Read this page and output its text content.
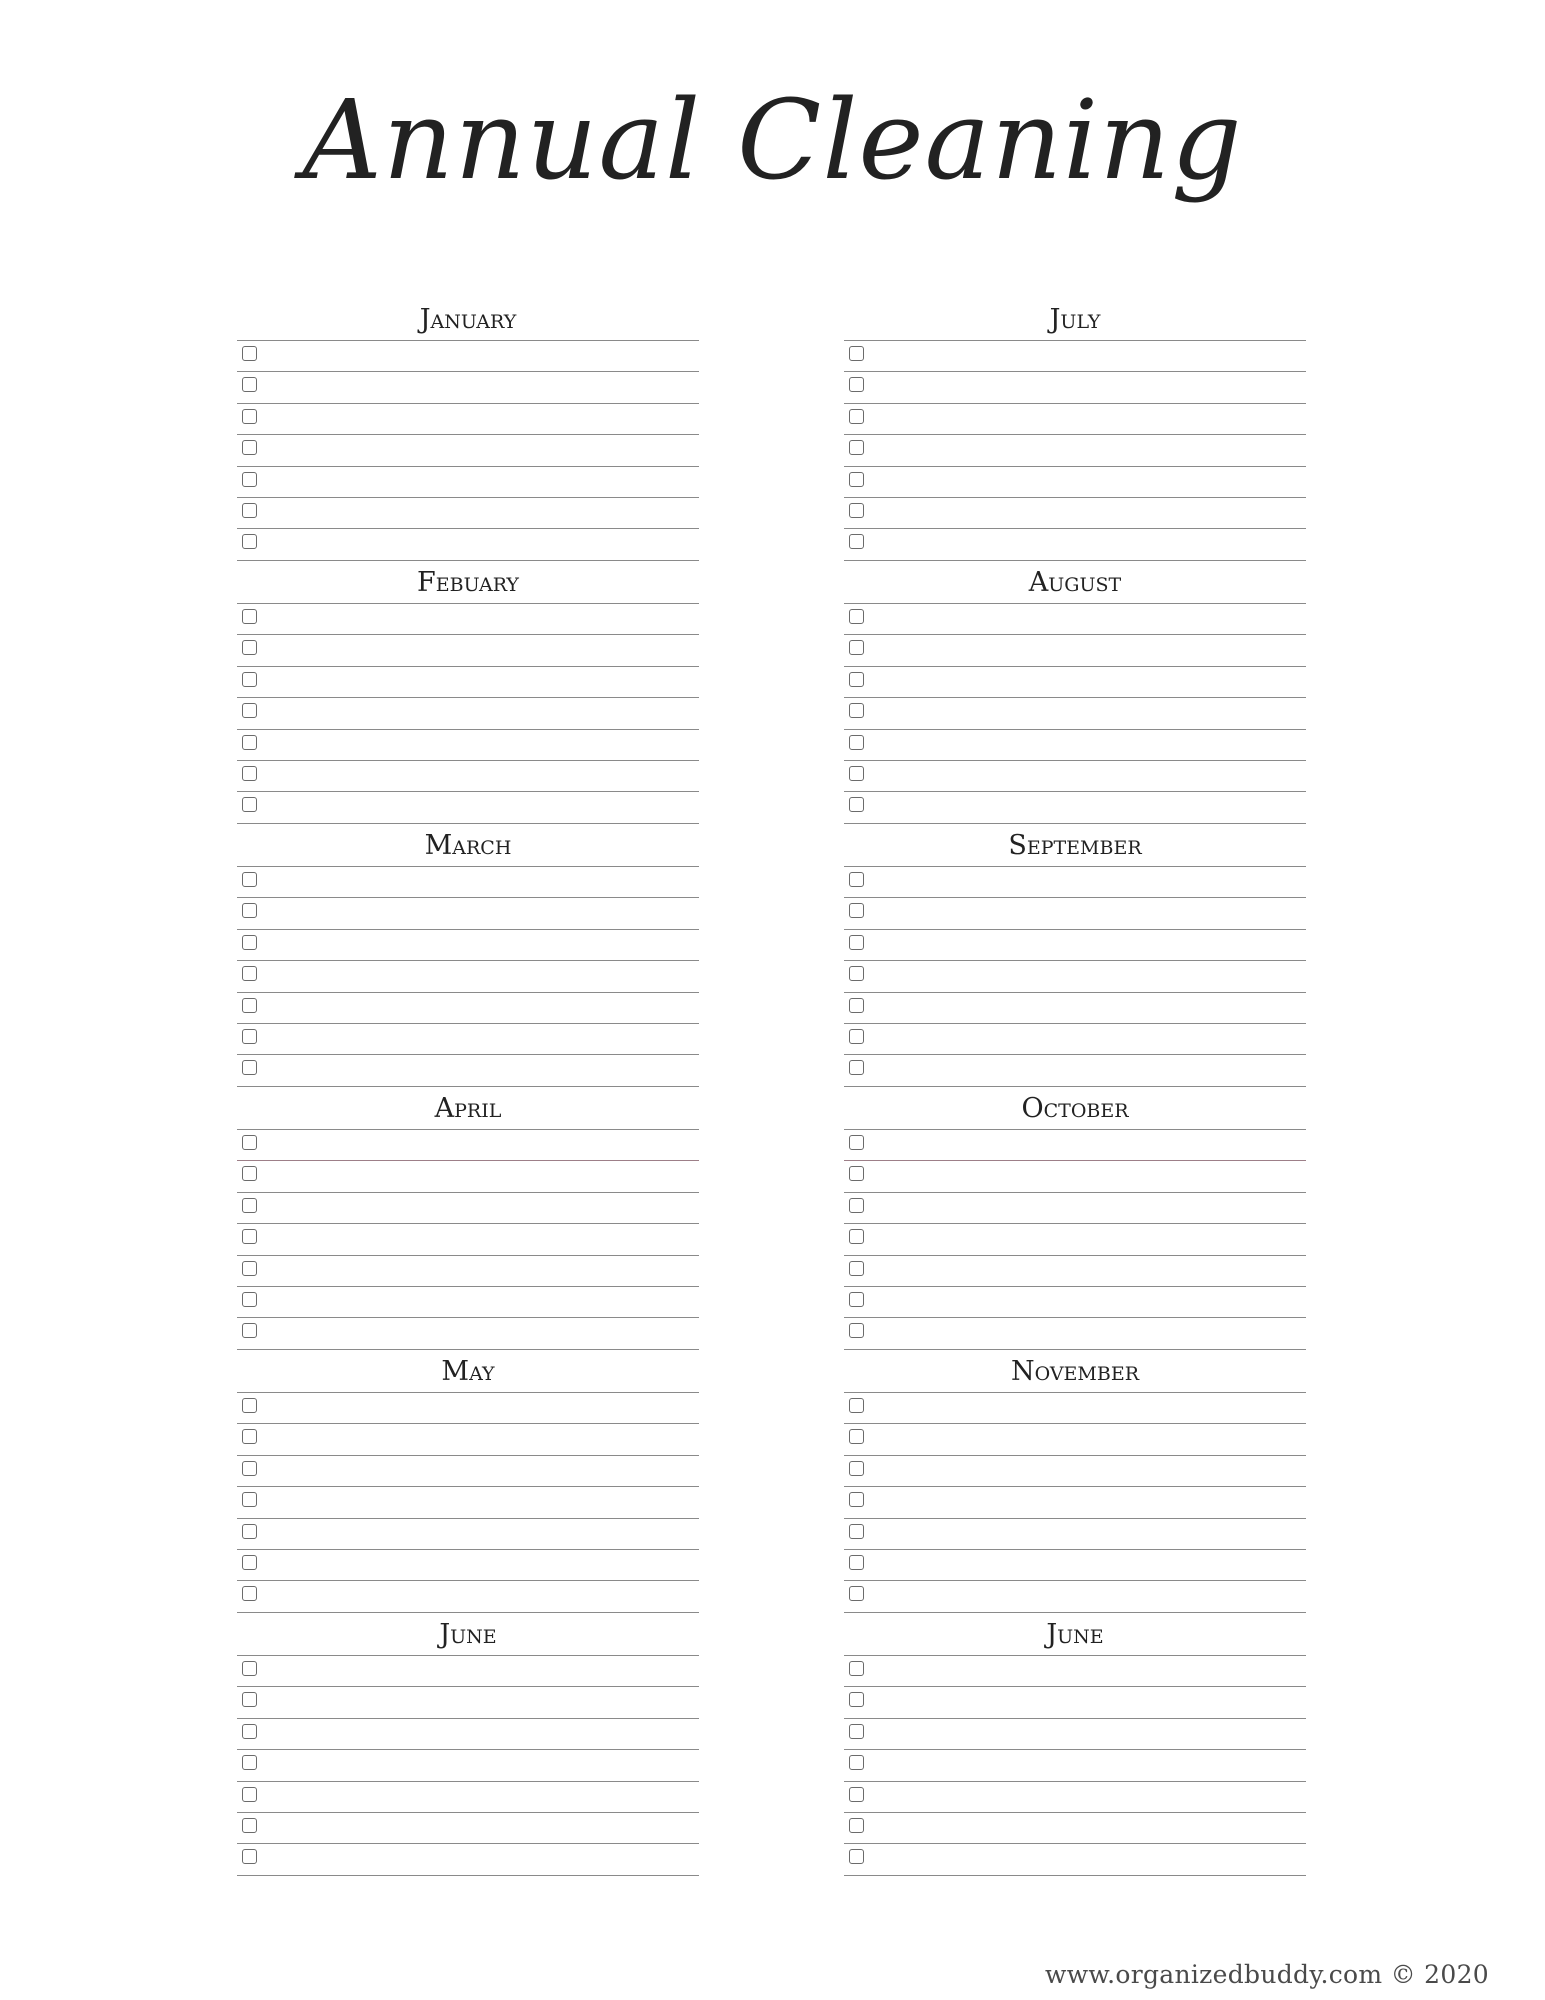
Annual Cleaning
January
Febuary
March
April
May
June
July
August
September
October
November
June
www.organizedbuddy.com © 2020
